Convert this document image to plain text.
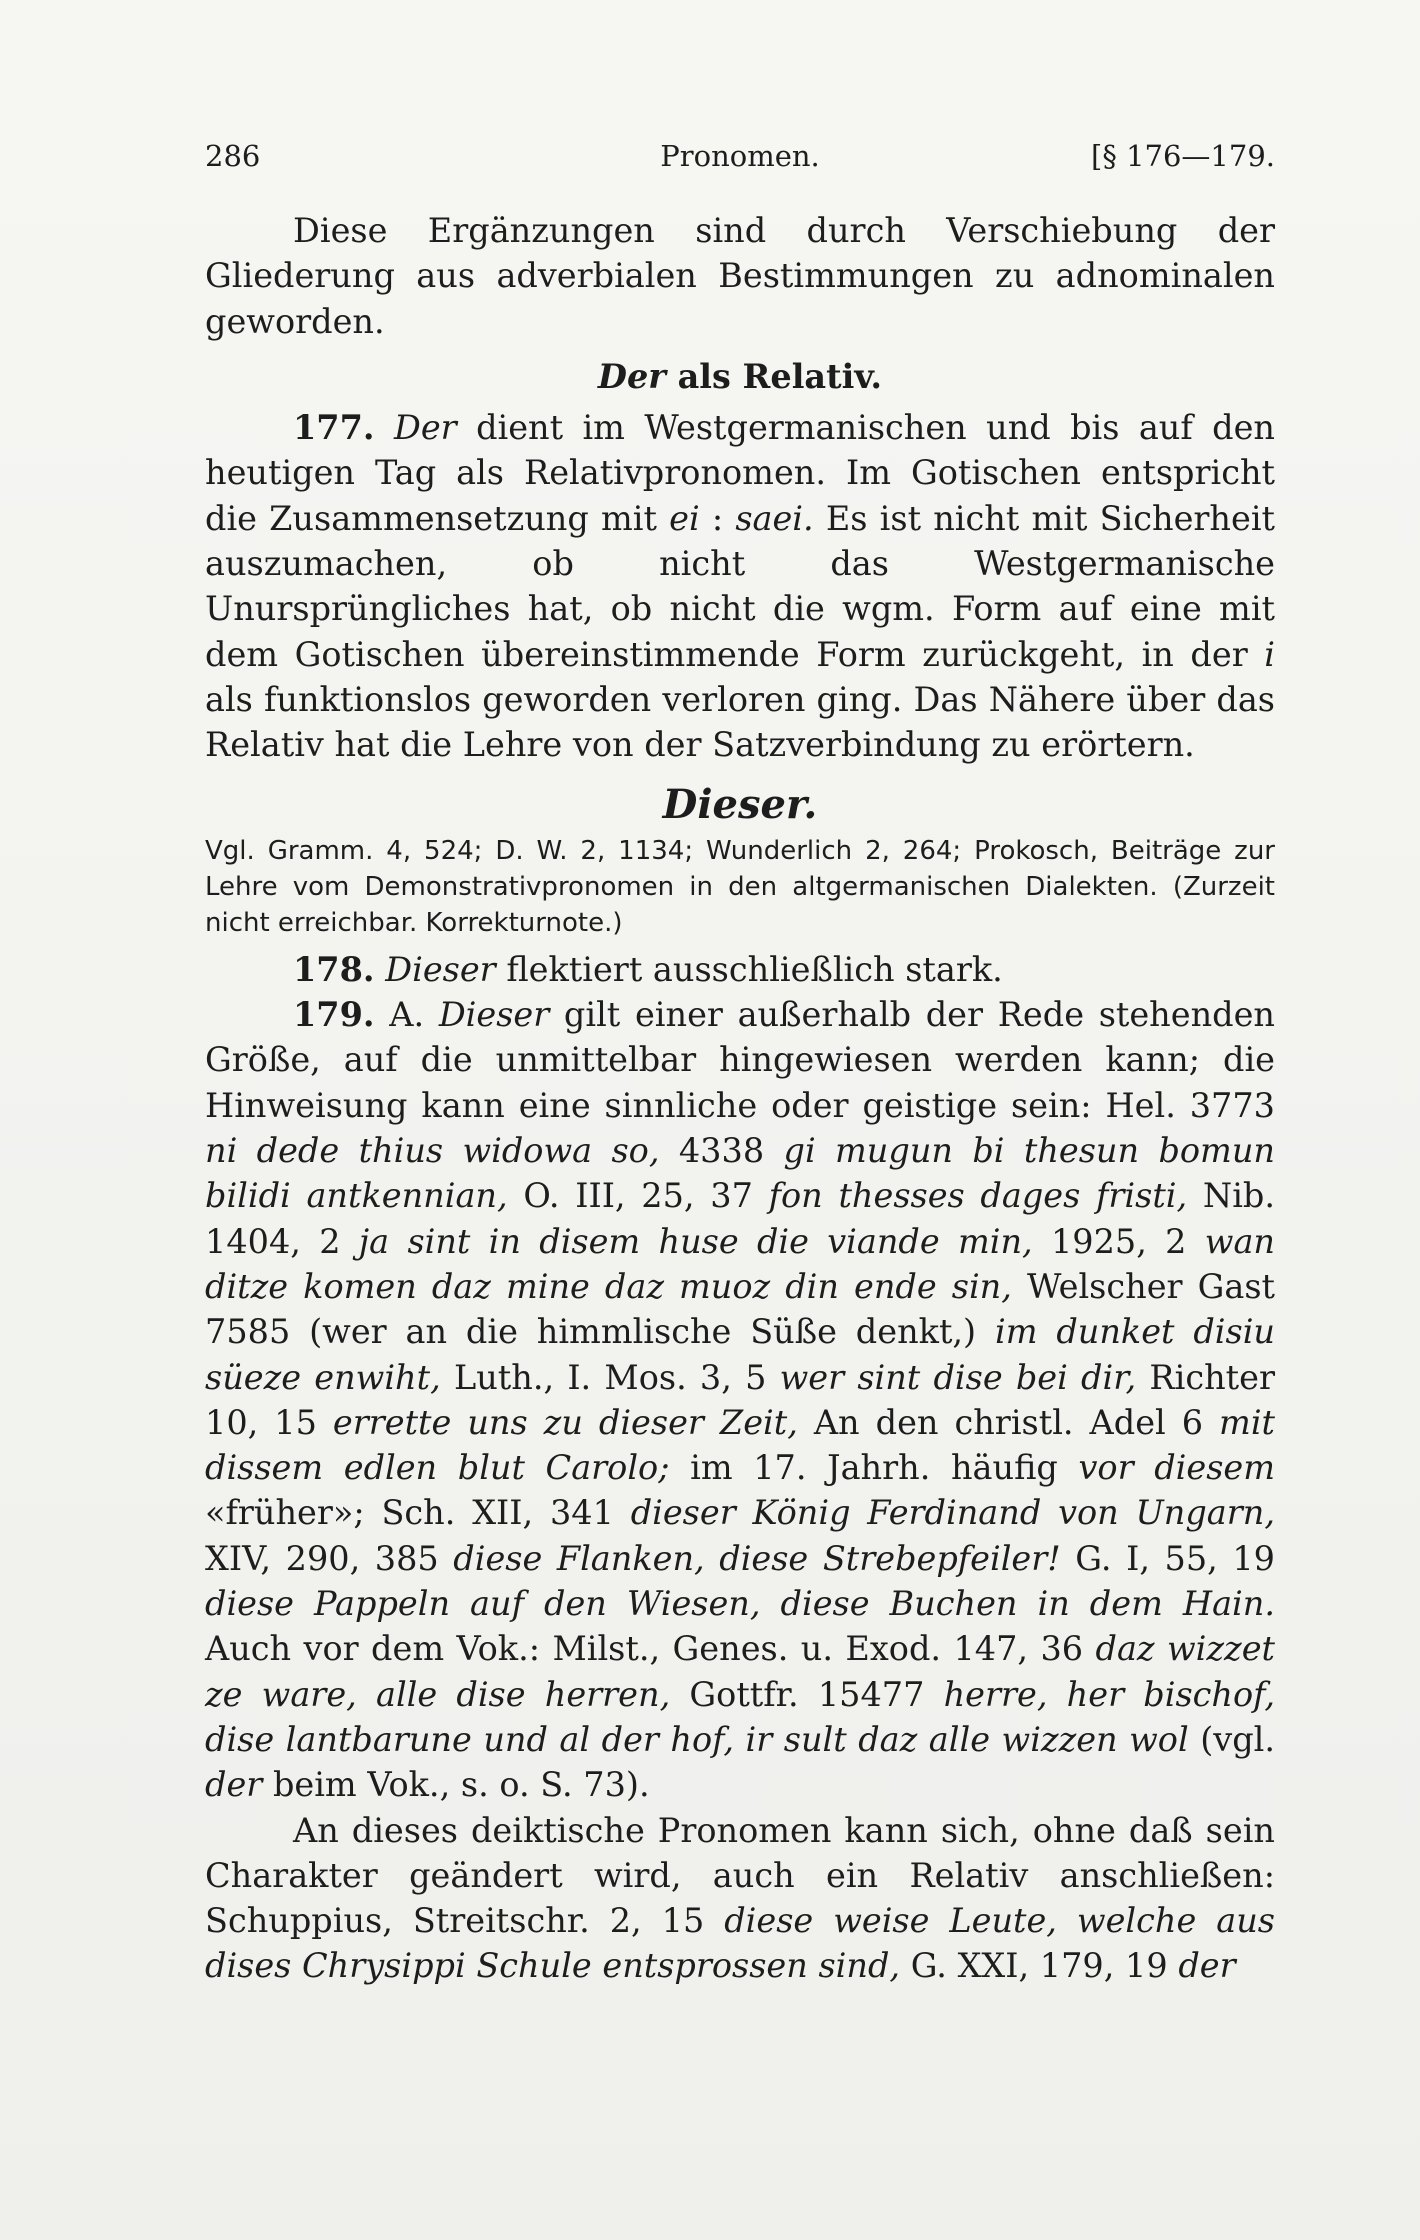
286	Pronomen.	[§ 176—179.

Diese Ergänzungen sind durch Verschiebung der Gliederung aus adverbialen Bestimmungen zu adnominalen geworden.

Der als Relativ.

177. Der dient im Westgermanischen und bis auf den heutigen Tag als Relativpronomen. Im Gotischen entspricht die Zusammensetzung mit ei : saei. Es ist nicht mit Sicherheit auszumachen, ob nicht das Westgermanische Unursprüngliches hat, ob nicht die wgm. Form auf eine mit dem Gotischen übereinstimmende Form zurückgeht, in der i als funktionslos geworden verloren ging. Das Nähere über das Relativ hat die Lehre von der Satzverbindung zu erörtern.

Dieser.

Vgl. Gramm. 4, 524; D. W. 2, 1134; Wunderlich 2, 264; Prokosch, Beiträge zur Lehre vom Demonstrativpronomen in den altgermanischen Dialekten. (Zurzeit nicht erreichbar. Korrekturnote.)

178. Dieser flektiert ausschließlich stark.

179. A. Dieser gilt einer außerhalb der Rede stehenden Größe, auf die unmittelbar hingewiesen werden kann; die Hinweisung kann eine sinnliche oder geistige sein: Hel. 3773 ni dede thius widowa so, 4338 gi mugun bi thesun bomun bilidi antkennian, O. III, 25, 37 fon thesses dages fristi, Nib. 1404, 2 ja sint in disem huse die viande min, 1925, 2 wan ditze komen daz mine daz muoz din ende sin, Welscher Gast 7585 (wer an die himmlische Süße denkt,) im dunket disiu süeze enwiht, Luth., I. Mos. 3, 5 wer sint dise bei dir, Richter 10, 15 errette uns zu dieser Zeit, An den christl. Adel 6 mit dissem edlen blut Carolo; im 17. Jahrh. häufig vor diesem «früher»; Sch. XII, 341 dieser König Ferdinand von Ungarn, XIV, 290, 385 diese Flanken, diese Strebepfeiler! G. I, 55, 19 diese Pappeln auf den Wiesen, diese Buchen in dem Hain. Auch vor dem Vok.: Milst., Genes. u. Exod. 147, 36 daz wizzet ze ware, alle dise herren, Gottfr. 15477 herre, her bischof, dise lantbarune und al der hof, ir sult daz alle wizzen wol (vgl. der beim Vok., s. o. S. 73).

An dieses deiktische Pronomen kann sich, ohne daß sein Charakter geändert wird, auch ein Relativ anschließen: Schuppius, Streitschr. 2, 15 diese weise Leute, welche aus dises Chrysippi Schule entsprossen sind, G. XXI, 179, 19 der
